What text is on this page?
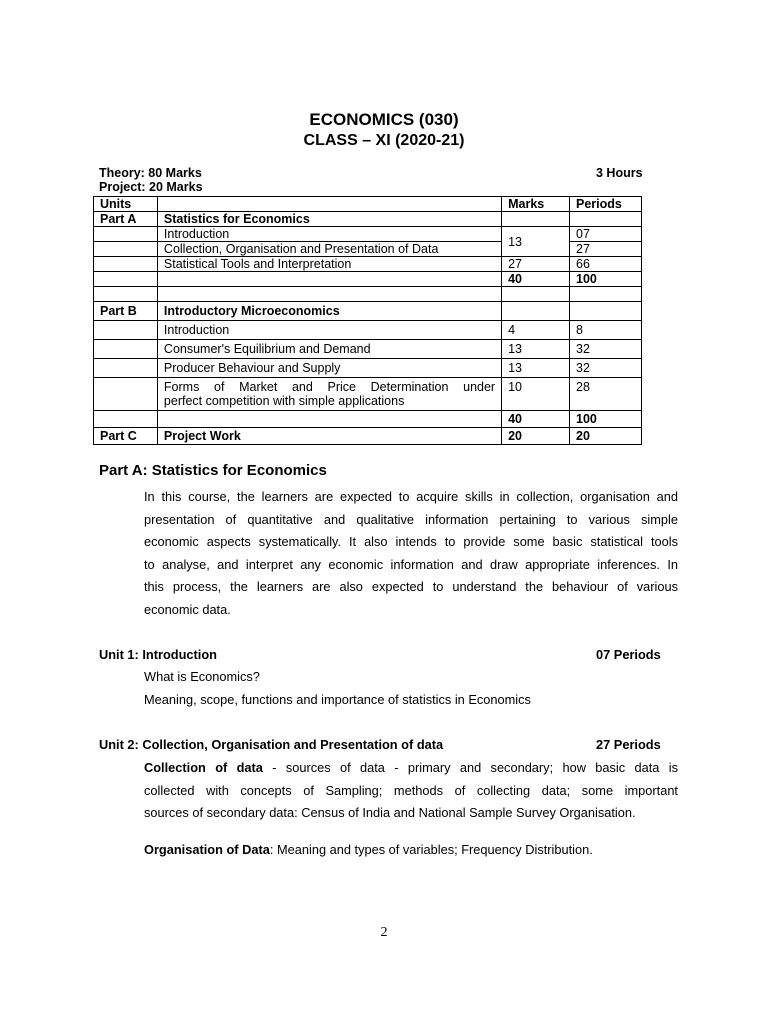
ECONOMICS (030)
CLASS – XI (2020-21)
Theory: 80 Marks
Project: 20 Marks
3 Hours
Units		Marks	Periods
Part A	Statistics for Economics		
	Introduction	13	07
	Collection, Organisation and Presentation of Data		27
	Statistical Tools and Interpretation	27	66
		40	100

Part B	Introductory Microeconomics		
	Introduction	4	8
	Consumer's Equilibrium and Demand	13	32
	Producer Behaviour and Supply	13	32

	Forms of Market and Price Determination under
perfect competition with simple applications	10	28
		40	100
Part C	Project Work	20	20
Part A: Statistics for Economics
In this course, the learners are expected to acquire skills in collection, organisation and
presentation of quantitative and qualitative information pertaining to various simple
economic aspects systematically. It also intends to provide some basic statistical tools
to analyse, and interpret any economic information and draw appropriate inferences. In
this process, the learners are also expected to understand the behaviour of various
economic data.
Unit 1: Introduction	07 Periods
What is Economics?
Meaning, scope, functions and importance of statistics in Economics
Unit 2: Collection, Organisation and Presentation of data	27 Periods
Collection of data - sources of data - primary and secondary; how basic data is
collected with concepts of Sampling; methods of collecting data; some important
sources of secondary data: Census of India and National Sample Survey Organisation.
Organisation of Data: Meaning and types of variables; Frequency Distribution.
2
